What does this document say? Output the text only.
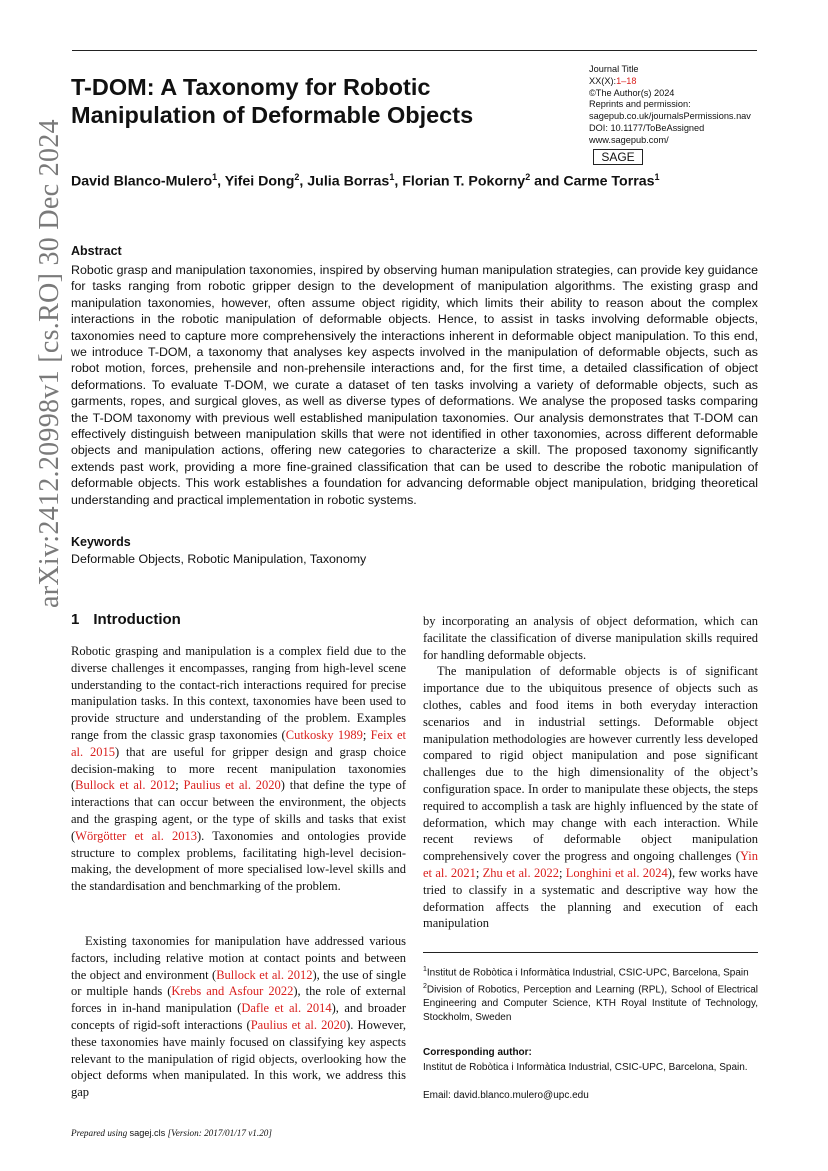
T-DOM: A Taxonomy for Robotic Manipulation of Deformable Objects
Journal Title
XX(X):1–18
©The Author(s) 2024
Reprints and permission:
sagepub.co.uk/journalsPermissions.nav
DOI: 10.1177/ToBeAssigned
www.sagepub.com/
SAGE
David Blanco-Mulero$^1$, Yifei Dong$^2$, Julia Borras$^1$, Florian T. Pokorny$^2$ and Carme Torras$^1$
arXiv:2412.20998v1 [cs.RO] 30 Dec 2024 Abstract
Robotic grasp and manipulation taxonomies, inspired by observing human manipulation strategies, can provide key guidance for tasks ranging from robotic gripper design to the development of manipulation algorithms. The existing grasp and manipulation taxonomies, however, often assume object rigidity, which limits their ability to reason about the complex interactions in the robotic manipulation of deformable objects. Hence, to assist in tasks involving deformable objects, taxonomies need to capture more comprehensively the interactions inherent in deformable object manipulation. To this end, we introduce T-DOM, a taxonomy that analyses key aspects involved in the manipulation of deformable objects, such as robot motion, forces, prehensile and non-prehensile interactions and, for the first time, a detailed classification of object deformations. To evaluate T-DOM, we curate a dataset of ten tasks involving a variety of deformable objects, such as garments, ropes, and surgical gloves, as well as diverse types of deformations. We analyse the proposed tasks comparing the T-DOM taxonomy with previous well established manipulation taxonomies. Our analysis demonstrates that T-DOM can effectively distinguish between manipulation skills that were not identified in other taxonomies, across different deformable objects and manipulation actions, offering new categories to characterize a skill. The proposed taxonomy significantly extends past work, providing a more fine-grained classification that can be used to describe the robotic manipulation of deformable objects. This work establishes a foundation for advancing deformable object manipulation, bridging theoretical understanding and practical implementation in robotic systems.
Keywords
Deformable Objects, Robotic Manipulation, Taxonomy
1 Introduction

Robotic grasping and manipulation is a complex field due to the diverse challenges it encompasses, ranging from high-level scene understanding to the contact-rich interactions required for precise manipulation tasks. In this context, taxonomies have been used to provide structure and understanding of the problem. Examples range from the classic grasp taxonomies (Cutkosky 1989; Feix et al. 2015) that are useful for gripper design and grasp choice decision-making to more recent manipulation taxonomies (Bullock et al. 2012; Paulius et al. 2020) that define the type of interactions that can occur between the environment, the objects and the grasping agent, or the type of skills and tasks that exist (Wörgötter et al. 2013). Taxonomies and ontologies provide structure to complex problems, facilitating high-level decision-making, the development of more specialised low-level skills and the standardisation and benchmarking of the problem.

Existing taxonomies for manipulation have addressed various factors, including relative motion at contact points and between the object and environment (Bullock et al. 2012), the use of single or multiple hands (Krebs and Asfour 2022), the role of external forces in in-hand manipulation (Dafle et al. 2014), and broader concepts of rigid-soft interactions (Paulius et al. 2020). However, these taxonomies have mainly focused on classifying key aspects relevant to the manipulation of rigid objects, overlooking how the object deforms when manipulated. In this work, we address this gap

by incorporating an analysis of object deformation, which can facilitate the classification of diverse manipulation skills required for handling deformable objects.

The manipulation of deformable objects is of significant importance due to the ubiquitous presence of objects such as clothes, cables and food items in both everyday interaction scenarios and in industrial settings. Deformable object manipulation methodologies are however currently less developed compared to rigid object manipulation and pose significant challenges due to the high dimensionality of the object’s configuration space. In order to manipulate these objects, the steps required to accomplish a task are highly influenced by the state of deformation, which may change with each interaction. While recent reviews of deformable object manipulation comprehensively cover the progress and ongoing challenges (Yin et al. 2021; Zhu et al. 2022; Longhini et al. 2024), few works have tried to classify in a systematic and descriptive way how the deformation affects the planning and execution of each manipulation

$^1$Institut de Robòtica i Informàtica Industrial, CSIC-UPC, Barcelona, Spain

$^2$Division of Robotics, Perception and Learning (RPL), School of Electrical Engineering and Computer Science, KTH Royal Institute of Technology, Stockholm, Sweden

Corresponding author:
Institut de Robòtica i Informàtica Industrial, CSIC-UPC, Barcelona, Spain.
Email: david.blanco.mulero@upc.edu
Prepared using sagej.cls [Version: 2017/01/17 v1.20]
